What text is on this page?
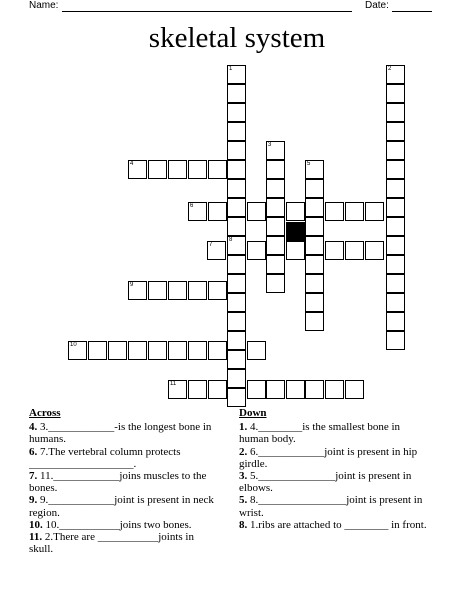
Name:	Date:
skeletal system
1
8
2
3
5
4
6
7
9
10
11
Across

4. 3.____________-is the longest bone in humans.

6. 7.The vertebral column protects ___________________.

7. 11.____________joins muscles to the bones.

9. 9.____________joint is present in neck region.

10. 10.___________joins two bones.

11. 2.There are ___________joints in skull.

Down

1. 4.________is the smallest bone in human body.

2. 6.____________joint is present in hip girdle.

3. 5.______________joint is present in elbows.

5. 8.________________joint is present in wrist.

8. 1.ribs are attached to ________ in front.
